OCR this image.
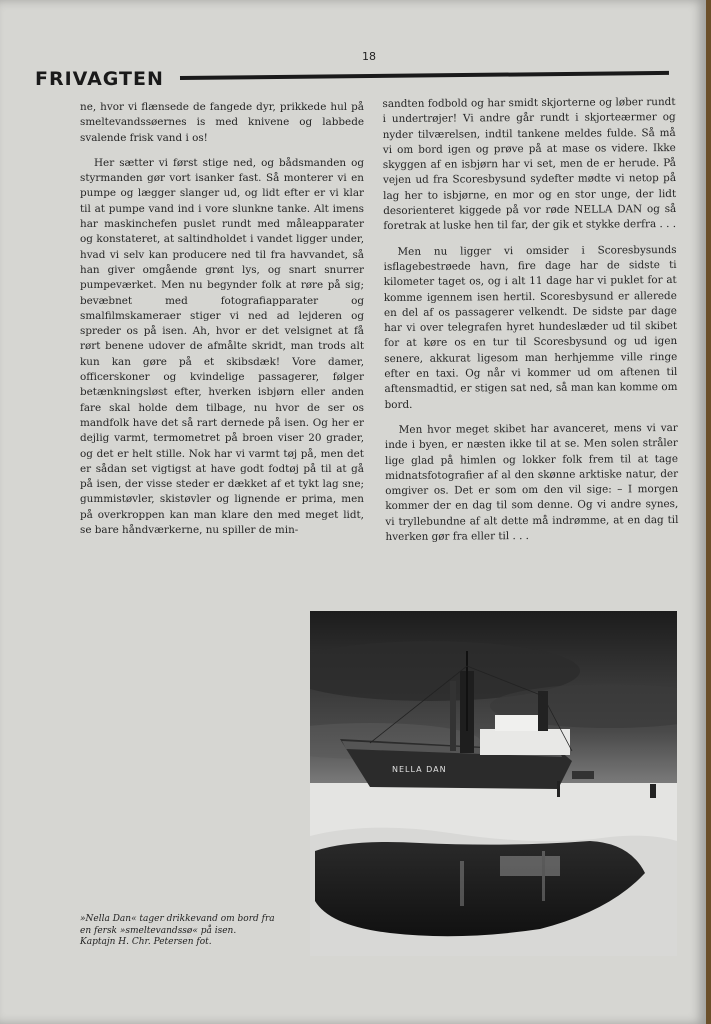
18
FRIVAGTEN

ne, hvor vi flænsede de fangede dyr, prikkede hul på smeltevandssøernes is med knivene og labbede svalende frisk vand i os!

Her sætter vi først stige ned, og bådsmanden og styrmanden gør vort isanker fast. Så monterer vi en pumpe og lægger slanger ud, og lidt efter er vi klar til at pumpe vand ind i vore slunkne tanke. Alt imens har maskinchefen puslet rundt med måleapparater og konstateret, at saltindholdet i vandet ligger under, hvad vi selv kan producere ned til fra havvandet, så han giver omgående grønt lys, og snart snurrer pumpeværket. Men nu begynder folk at røre på sig; bevæbnet med fotografiapparater og smalfilmskameraer stiger vi ned ad lejderen og spreder os på isen. Ah, hvor er det velsignet at få rørt benene udover de afmålte skridt, man trods alt kun kan gøre på et skibsdæk! Vore damer, officerskoner og kvindelige passagerer, følger betænkningsløst efter, hverken isbjørn eller anden fare skal holde dem tilbage, nu hvor de ser os mandfolk have det så rart dernede på isen. Og her er dejlig varmt, termometret på broen viser 20 grader, og det er helt stille. Nok har vi varmt tøj på, men det er sådan set vigtigst at have godt fodtøj på til at gå på isen, der visse steder er dækket af et tykt lag sne; gummistøvler, skistøvler og lignende er prima, men på overkroppen kan man klare den med meget lidt, se bare håndværkerne, nu spiller de min-

sandten fodbold og har smidt skjorterne og løber rundt i undertrøjer! Vi andre går rundt i skjorteærmer og nyder tilværelsen, indtil tankene meldes fulde. Så må vi om bord igen og prøve på at mase os videre. Ikke skyggen af en isbjørn har vi set, men de er herude. På vejen ud fra Scoresbysund sydefter mødte vi netop på lag her to isbjørne, en mor og en stor unge, der lidt desorienteret kiggede på vor røde NELLA DAN og så foretrak at luske hen til far, der gik et stykke derfra . . .

Men nu ligger vi omsider i Scoresbysunds isflagebestrøede havn, fire dage har de sidste ti kilometer taget os, og i alt 11 dage har vi puklet for at komme igennem isen hertil. Scoresbysund er allerede en del af os passagerer velkendt. De sidste par dage har vi over telegrafen hyret hundeslæder ud til skibet for at køre os en tur til Scoresbysund og ud igen senere, akkurat ligesom man herhjemme ville ringe efter en taxi. Og når vi kommer ud om aftenen til aftensmadtid, er stigen sat ned, så man kan komme om bord.

Men hvor meget skibet har avanceret, mens vi var inde i byen, er næsten ikke til at se. Men solen stråler lige glad på himlen og lokker folk frem til at tage midnatsfotografier af al den skønne arktiske natur, der omgiver os. Det er som om den vil sige: – I morgen kommer der en dag til som denne. Og vi andre synes, vi tryllebundne af alt dette må indrømme, at en dag til hverken gør fra eller til . . .

NELLA DAN
»Nella Dan« tager drikkevand om bord fra
en fersk »smeltevandssø« på isen.
Kaptajn H. Chr. Petersen fot.
